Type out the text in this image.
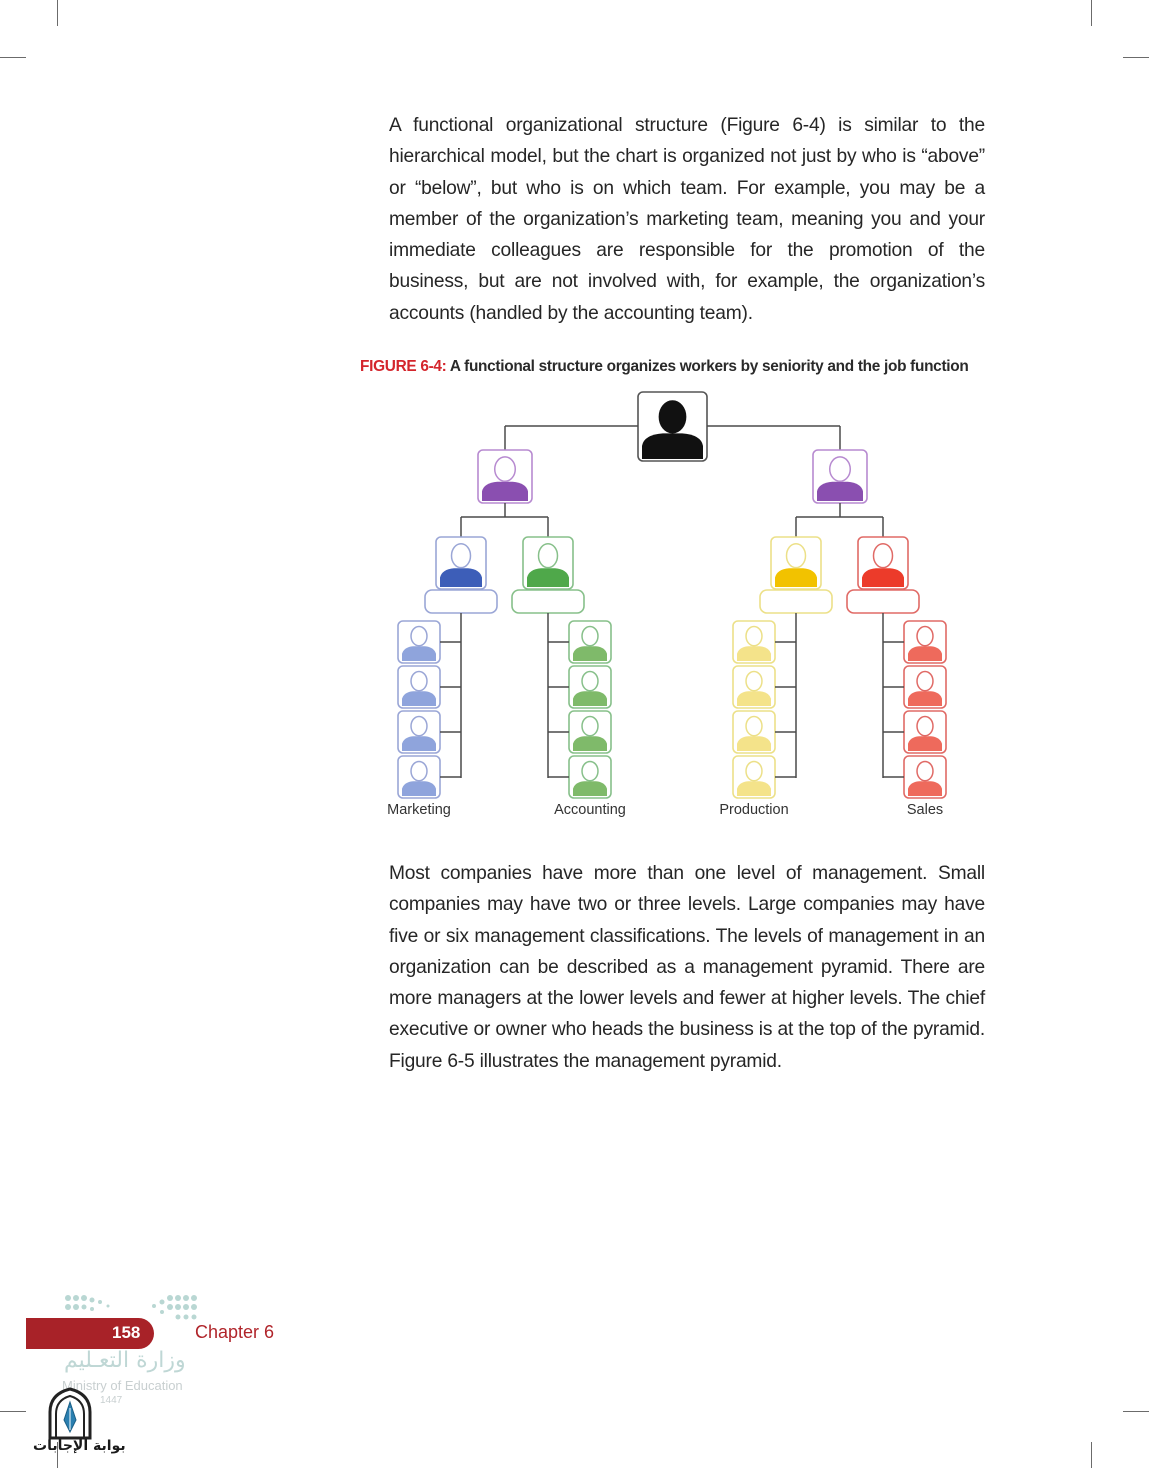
A functional organizational structure (Figure 6-4) is similar to the hierarchical model, but the chart is organized not just by who is “above” or “below”, but who is on which team. For example, you may be a member of the organization’s marketing team, meaning you and your immediate colleagues are responsible for the promotion of the business, but are not involved with, for example, the organization’s accounts (handled by the accounting team).

FIGURE 6-4: A functional structure organizes workers by seniority and the job function
Marketing	Accounting	Production	Sales

Most companies have more than one level of management. Small companies may have two or three levels. Large companies may have five or six management classifications. The levels of management in an organization can be described as a management pyramid. There are more managers at the lower levels and fewer at higher levels. The chief executive or owner who heads the business is at the top of the pyramid. Figure 6-5 illustrates the management pyramid.

158	Chapter 6
وزارة التعـليم
Ministry of Education
1447
بوابة الإجابات
